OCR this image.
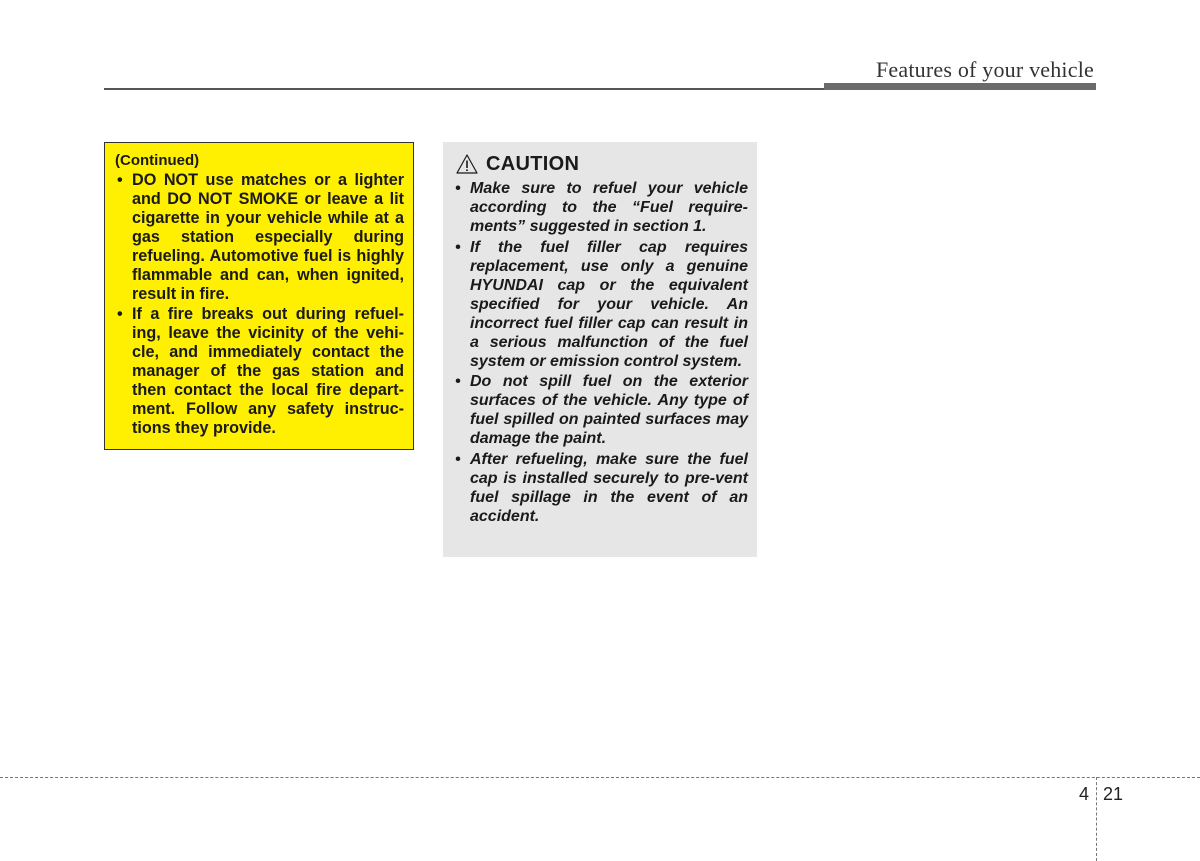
Features of your vehicle
(Continued)
• DO NOT use matches or a lighter and DO NOT SMOKE or leave a lit cigarette in your vehicle while at a gas station especially during refueling. Automotive fuel is highly flammable and can, when ignited, result in fire.
• If a fire breaks out during refuel-ing, leave the vicinity of the vehi-cle, and immediately contact the manager of the gas station and then contact the local fire depart-ment. Follow any safety instruc-tions they provide.
CAUTION
• Make sure to refuel your vehicle according to the “Fuel require-ments” suggested in section 1.
• If the fuel filler cap requires replacement, use only a genuine HYUNDAI cap or the equivalent specified for your vehicle. An incorrect fuel filler cap can result in a serious malfunction of the fuel system or emission control system.
• Do not spill fuel on the exterior surfaces of the vehicle. Any type of fuel spilled on painted surfaces may damage the paint.
• After refueling, make sure the fuel cap is installed securely to pre-vent fuel spillage in the event of an accident.
4 21
